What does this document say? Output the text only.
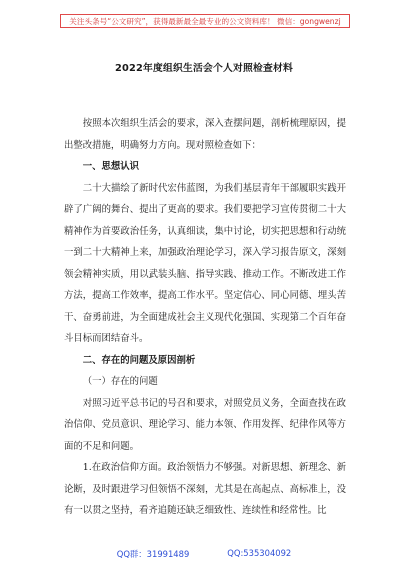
关注头条号“公文研究”，获得最新最全最专业的公文资料库！ 微信：gongwenzj
2022年度组织生活会个人对照检查材料

按照本次组织生活会的要求，深入查摆问题，剖析梳理原因，提出整改措施，明确努力方向。现对照检查如下：

一、思想认识

二十大描绘了新时代宏伟蓝图，为我们基层青年干部履职实践开辟了广阔的舞台、提出了更高的要求。我们要把学习宣传贯彻二十大精神作为首要政治任务，认真细读，集中讨论，切实把思想和行动统一到二十大精神上来，加强政治理论学习，深入学习报告原文，深刻领会精神实质，用以武装头脑、指导实践、推动工作。不断改进工作方法，提高工作效率，提高工作水平。坚定信心、同心同德、埋头苦干、奋勇前进，为全面建成社会主义现代化强国、实现第二个百年奋斗目标而团结奋斗。

二、存在的问题及原因剖析

（一）存在的问题

对照习近平总书记的号召和要求，对照党员义务，全面查找在政治信仰、党员意识、理论学习、能力本领、作用发挥、纪律作风等方面的不足和问题。

1.在政治信仰方面。政治领悟力不够强。对新思想、新理念、新论断，及时跟进学习但领悟不深刻，尤其是在高起点、高标准上，没有一以贯之坚持，看齐追随还缺乏细致性、连续性和经常性。比

QQ群：31991489	QQ:535304092
